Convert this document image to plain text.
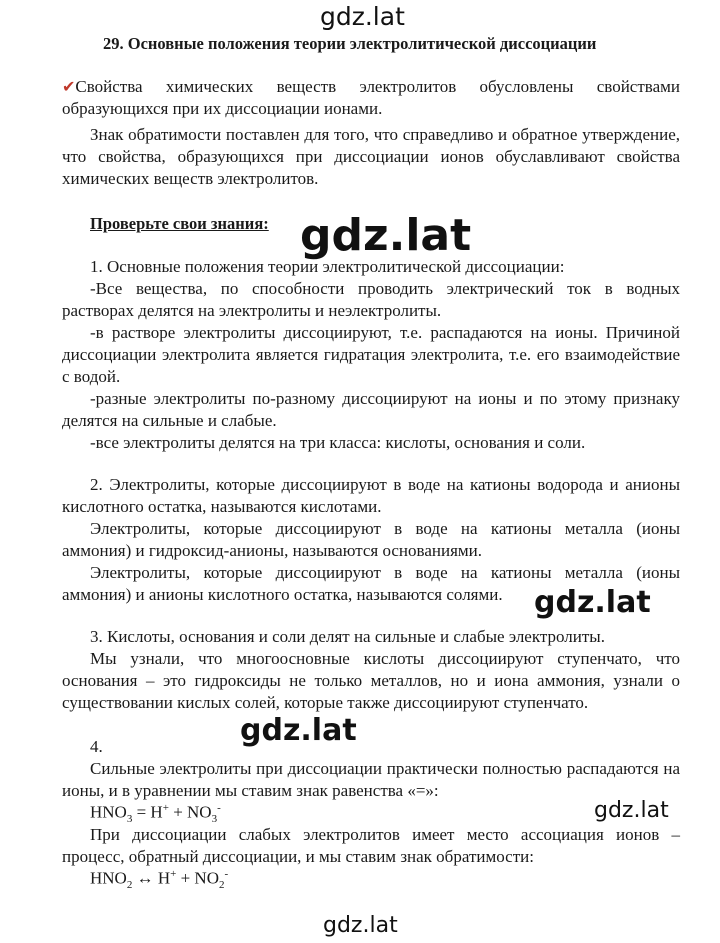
gdz.lat
29. Основные положения теории электролитической диссоциации

✔Свойства химических веществ электролитов обусловлены свойствами образующихся при их диссоциации ионами.

Знак обратимости поставлен для того, что справедливо и обратное утверждение, что свойства, образующихся при диссоциации ионов обуславливают свойства химических веществ электролитов.

Проверьте свои знания: gdz.lat

1. Основные положения теории электролитической диссоциации:
-Все вещества, по способности проводить электрический ток в водных растворах делятся на электролиты и неэлектролиты.
-в растворе электролиты диссоциируют, т.е. распадаются на ионы. Причиной диссоциации электролита является гидратация электролита, т.е. его взаимодействие с водой.
-разные электролиты по-разному диссоциируют на ионы и по этому признаку делятся на сильные и слабые.
-все электролиты делятся на три класса: кислоты, основания и соли.

2. Электролиты, которые диссоциируют в воде на катионы водорода и анионы кислотного остатка, называются кислотами.
Электролиты, которые диссоциируют в воде на катионы металла (ионы аммония) и гидроксид-анионы, называются основаниями.
Электролиты, которые диссоциируют в воде на катионы металла (ионы аммония) и анионы кислотного остатка, называются солями.	gdz.lat

3. Кислоты, основания и соли делят на сильные и слабые электролиты.
Мы узнали, что многоосновные кислоты диссоциируют ступенчато, что основания – это гидроксиды не только металлов, но и иона аммония, узнали о существовании кислых солей, которые также диссоциируют ступенчато.

gdz.lat

4.

Сильные электролиты при диссоциации практически полностью распадаются на ионы, и в уравнении мы ставим знак равенства «=»:

$HNO_3 = H^+ + NO_3^-$	gdz.lat

При диссоциации слабых электролитов имеет место ассоциация ионов – процесс, обратный диссоциации, и мы ставим знак обратимости:

$HNO_2$ ↔ $H^+ + NO_2^-$
gdz.lat
